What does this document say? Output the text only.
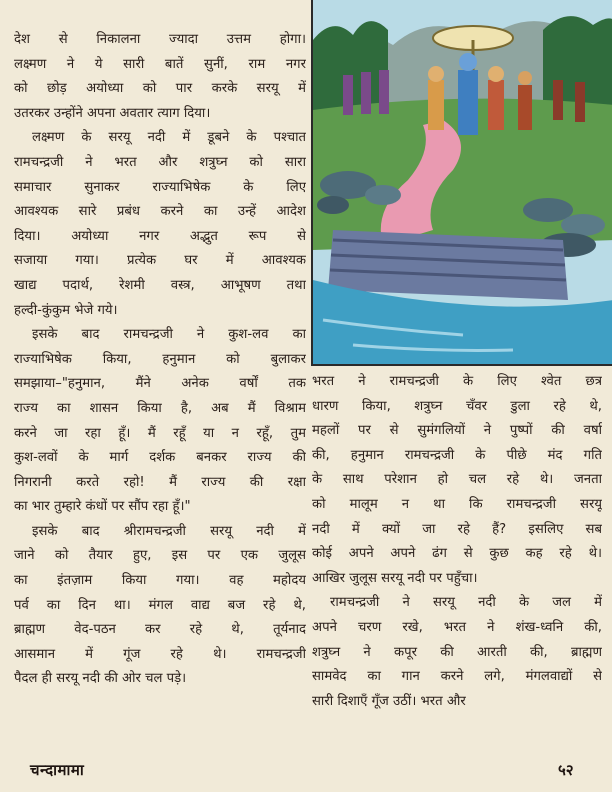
देश से निकालना ज्यादा उत्तम होगा।
लक्ष्मण ने ये सारी बातें सुनीं, राम नगर
को छोड़ अयोध्या को पार करके सरयू में
उतरकर उन्होंने अपना अवतार त्याग दिया।
लक्ष्मण के सरयू नदी में डूबने के पश्चात
रामचन्द्रजी ने भरत और शत्रुघ्न को सारा
समाचार सुनाकर राज्याभिषेक के लिए
आवश्यक सारे प्रबंध करने का उन्हें आदेश
दिया। अयोध्या नगर अद्भुत रूप से
सजाया गया। प्रत्येक घर में आवश्यक
खाद्य पदार्थ, रेशमी वस्त्र, आभूषण तथा
हल्दी-कुंकुम भेजे गये।
इसके बाद रामचन्द्रजी ने कुश-लव का
राज्याभिषेक किया, हनुमान को बुलाकर
समझाया–"हनुमान, मैंने अनेक वर्षों तक
राज्य का शासन किया है, अब मैं विश्राम
करने जा रहा हूँ। मैं रहूँ या न रहूँ, तुम
कुश-लवों के मार्ग दर्शक बनकर राज्य की
निगरानी करते रहो! मैं राज्य की रक्षा
का भार तुम्हारे कंधों पर सौंप रहा हूँ।"
इसके बाद श्रीरामचन्द्रजी सरयू नदी में
जाने को तैयार हुए, इस पर एक जुलूस
का इंतज़ाम किया गया। वह महोदय
पर्व का दिन था। मंगल वाद्य बज रहे थे,
ब्राह्मण वेद-पठन कर रहे थे, तूर्यनाद
आसमान में गूंज रहे थे। रामचन्द्रजी
पैदल ही सरयू नदी की ओर चल पड़े।
भरत ने रामचन्द्रजी के लिए श्वेत छत्र
धारण किया, शत्रुघ्न चँवर डुला रहे थे,
महलों पर से सुमंगलियों ने पुष्पों की वर्षा
की, हनुमान रामचन्द्रजी के पीछे मंद गति
के साथ परेशान हो चल रहे थे। जनता
को मालूम न था कि रामचन्द्रजी सरयू
नदी में क्यों जा रहे हैं? इसलिए सब
कोई अपने अपने ढंग से कुछ कह रहे थे।
आखिर जुलूस सरयू नदी पर पहुँचा।
रामचन्द्रजी ने सरयू नदी के जल में
अपने चरण रखे, भरत ने शंख-ध्वनि की,
शत्रुघ्न ने कपूर की आरती की, ब्राह्मण
सामवेद का गान करने लगे, मंगलवाद्यों से
सारी दिशाएँ गूँज उठीं। भरत और
चन्दामामा	५२
